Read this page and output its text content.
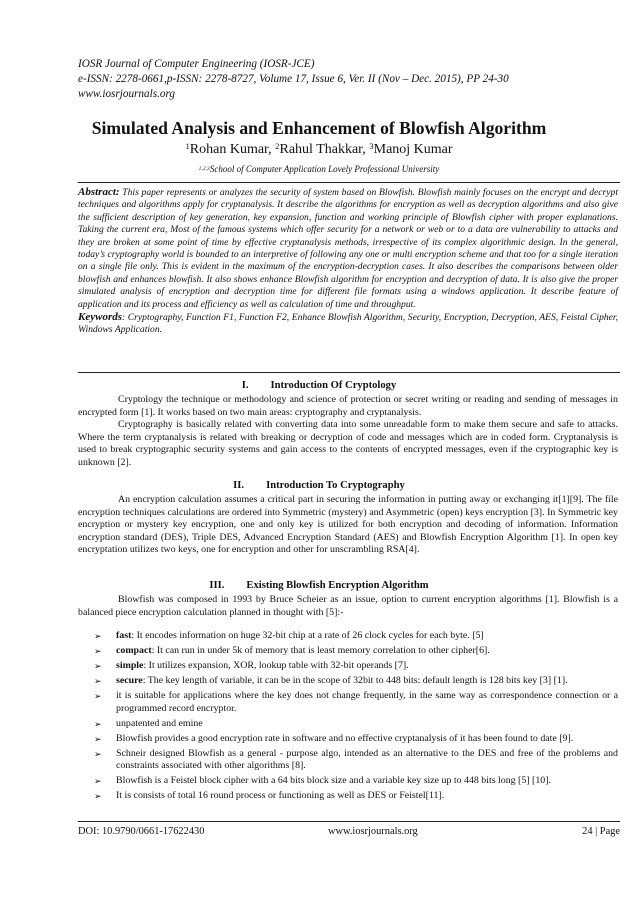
IOSR Journal of Computer Engineering (IOSR-JCE)
e-ISSN: 2278-0661,p-ISSN: 2278-8727, Volume 17, Issue 6, Ver. II (Nov – Dec. 2015), PP 24-30
www.iosrjournals.org
Simulated Analysis and Enhancement of Blowfish Algorithm
$^1$Rohan Kumar, $^2$Rahul Thakkar, $^3$Manoj Kumar
$^{1,2,3}$School of Computer Application Lovely Professional University
Abstract: This paper represents or analyzes the security of system based on Blowfish. Blowfish mainly focuses on the encrypt and decrypt techniques and algorithms apply for cryptanalysis. It describe the algorithms for encryption as well as decryption algorithms and also give the sufficient description of key generation, key expansion, function and working principle of Blowfish cipher with proper explanations. Taking the current era, Most of the famous systems which offer security for a network or web or to a data are vulnerability to attacks and they are broken at some point of time by effective cryptanalysis methods, irrespective of its complex algorithmic design. In the general, today’s cryptography world is bounded to an interpretive of following any one or multi encryption scheme and that too for a single iteration on a single file only. This is evident in the maximum of the encryption-decryption cases. It also describes the comparisons between older blowfish and enhances blowfish. It also shows enhance Blowfish algorithm for encryption and decryption of data. It is also give the proper simulated analysis of encryption and decryption time for different file formats using a windows application. It describe feature of application and its process and efficiency as well as calculation of time and throughput.
Keywords: Cryptography, Function F1, Function F2, Enhance Blowfish Algorithm, Security, Encryption, Decryption, AES, Feistal Cipher, Windows Application.
I. Introduction Of Cryptology
Cryptology the technique or methodology and science of protection or secret writing or reading and sending of messages in encrypted form [1]. It works based on two main areas: cryptography and cryptanalysis.
Cryptography is basically related with converting data into some unreadable form to make them secure and safe to attacks. Where the term cryptanalysis is related with breaking or decryption of code and messages which are in coded form. Cryptanalysis is used to break cryptographic security systems and gain access to the contents of encrypted messages, even if the cryptographic key is unknown [2].
II. Introduction To Cryptography
An encryption calculation assumes a critical part in securing the information in putting away or exchanging it[1][9]. The file encryption techniques calculations are ordered into Symmetric (mystery) and Asymmetric (open) keys encryption [3]. In Symmetric key encryption or mystery key encryption, one and only key is utilized for both encryption and decoding of information. Information encryption standard (DES), Triple DES, Advanced Encryption Standard (AES) and Blowfish Encryption Algorithm [1]. In open key encryptation utilizes two keys, one for encryption and other for unscrambling RSA[4].
III. Existing Blowfish Encryption Algorithm
Blowfish was composed in 1993 by Bruce Scheier as an issue, option to current encryption algorithms [1]. Blowfish is a balanced piece encryption calculation planned in thought with [5]:-
➢ fast: It encodes information on huge 32-bit chip at a rate of 26 clock cycles for each byte. [5]
➢ compact: It can run in under 5k of memory that is least memory correlation to other cipher[6].
➢ simple: It utilizes expansion, XOR, lookup table with 32-bit operands [7].
➢ secure: The key length of variable, it can be in the scope of 32bit to 448 bits: default length is 128 bits key [3] [1].
➢ it is suitable for applications where the key does not change frequently, in the same way as correspondence connection or a programmed record encryptor.
➢ unpatented and emine
➢ Blowfish provides a good encryption rate in software and no effective cryptanalysis of it has been found to date [9].
➢ Schneir designed Blowfish as a general - purpose algo, intended as an alternative to the DES and free of the problems and constraints associated with other algorithms [8].
➢ Blowfish is a Feistel block cipher with a 64 bits block size and a variable key size up to 448 bits long [5] [10].
➢ It is consists of total 16 round process or functioning as well as DES or Feistel[11].
DOI: 10.9790/0661-17622430	www.iosrjournals.org	24 | Page
